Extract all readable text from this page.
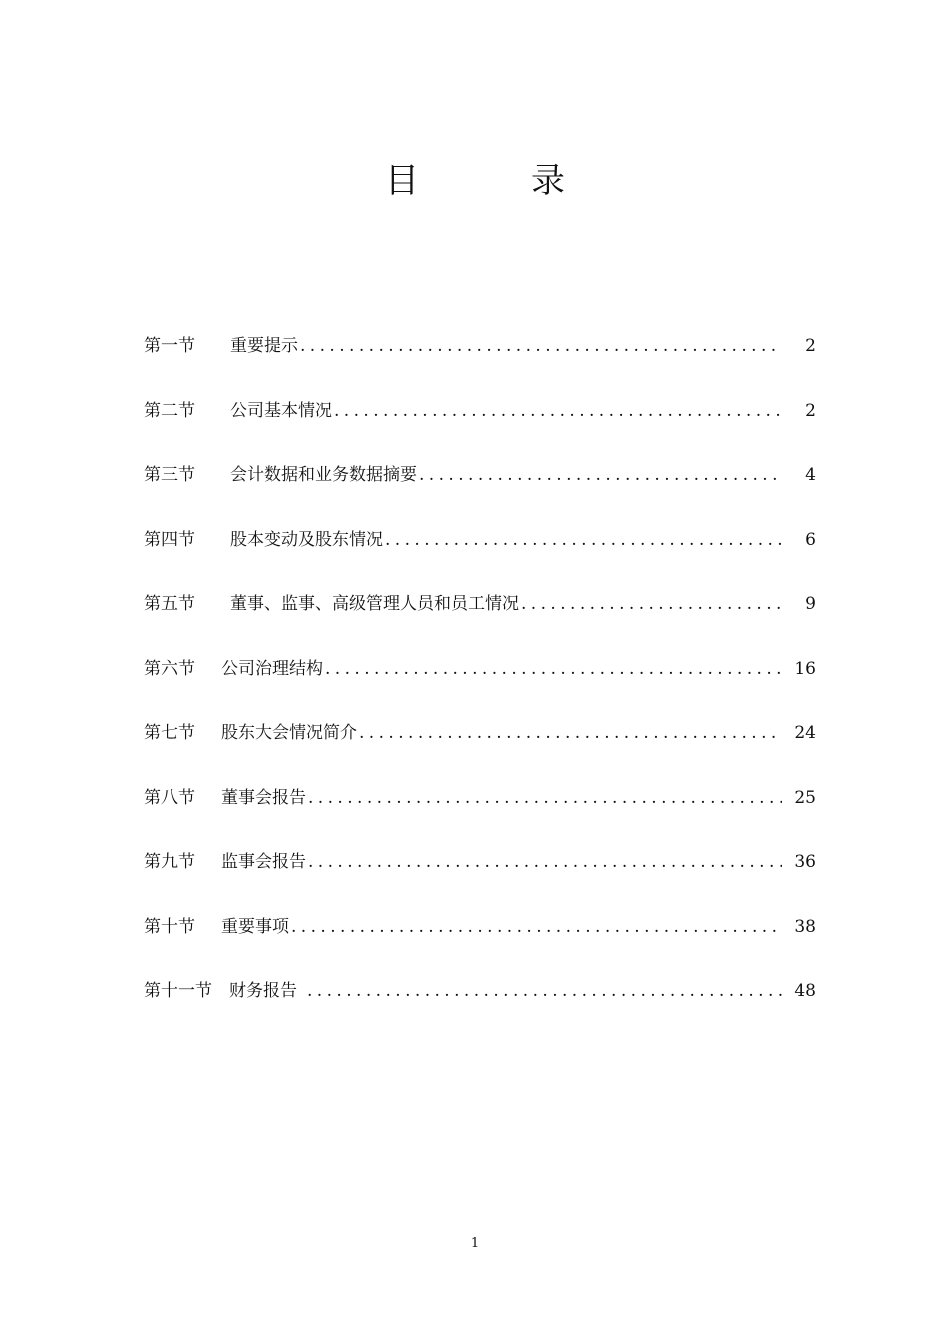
目	录
第一节	重要提示 . . .	2
第二节	公司基本情况 . . .	2
第三节	会计数据和业务数据摘要 . . .	4
第四节	股本变动及股东情况 . . .	6
第五节	董事、监事、高级管理人员和员工情况 . . .	9
第六节	公司治理结构 . . .	16
第七节	股东大会情况简介 . . .	24
第八节	董事会报告 . . .	25
第九节	监事会报告 . . .	36
第十节	重要事项 . . .	38
第十一节	财务报告 . . .	48
1
